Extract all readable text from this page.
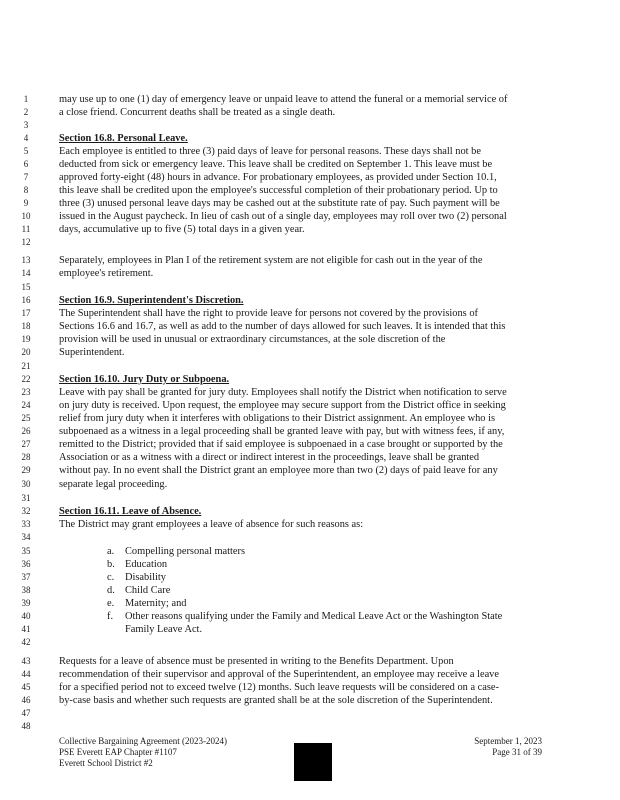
1	may use up to one (1) day of emergency leave or unpaid leave to attend the funeral or a memorial service of
2	a close friend. Concurrent deaths shall be treated as a single death.
3
4	Section 16.8. Personal Leave.
5	Each employee is entitled to three (3) paid days of leave for personal reasons. These days shall not be
6	deducted from sick or emergency leave. This leave shall be credited on September 1. This leave must be
7	approved forty-eight (48) hours in advance. For probationary employees, as provided under Section 10.1,
8	this leave shall be credited upon the employee's successful completion of their probationary period. Up to
9	three (3) unused personal leave days may be cashed out at the substitute rate of pay. Such payment will be
10	issued in the August paycheck. In lieu of cash out of a single day, employees may roll over two (2) personal
11	days, accumulative up to five (5) total days in a given year.
12
13	Separately, employees in Plan I of the retirement system are not eligible for cash out in the year of the
14	employee's retirement.
15
16	Section 16.9. Superintendent's Discretion.
17	The Superintendent shall have the right to provide leave for persons not covered by the provisions of
18	Sections 16.6 and 16.7, as well as add to the number of days allowed for such leaves. It is intended that this
19	provision will be used in unusual or extraordinary circumstances, at the sole discretion of the
20	Superintendent.
21
22	Section 16.10. Jury Duty or Subpoena.
23	Leave with pay shall be granted for jury duty. Employees shall notify the District when notification to serve
24	on jury duty is received. Upon request, the employee may secure support from the District office in seeking
25	relief from jury duty when it interferes with obligations to their District assignment. An employee who is
26	subpoenaed as a witness in a legal proceeding shall be granted leave with pay, but with witness fees, if any,
27	remitted to the District; provided that if said employee is subpoenaed in a case brought or supported by the
28	Association or as a witness with a direct or indirect interest in the proceedings, leave shall be granted
29	without pay. In no event shall the District grant an employee more than two (2) days of paid leave for any
30	separate legal proceeding.
31
32	Section 16.11. Leave of Absence.
33	The District may grant employees a leave of absence for such reasons as:
34
35	a. Compelling personal matters
36	b. Education
37	c. Disability
38	d. Child Care
39	e. Maternity; and
40	f. Other reasons qualifying under the Family and Medical Leave Act or the Washington State
41	Family Leave Act.
42
43	Requests for a leave of absence must be presented in writing to the Benefits Department. Upon
44	recommendation of their supervisor and approval of the Superintendent, an employee may receive a leave
45	for a specified period not to exceed twelve (12) months. Such leave requests will be considered on a case-
46	by-case basis and whether such requests are granted shall be at the sole discretion of the Superintendent.
47
48
Collective Bargaining Agreement (2023-2024)
PSE Everett EAP Chapter #1107
Everett School District #2
September 1, 2023
Page 31 of 39
